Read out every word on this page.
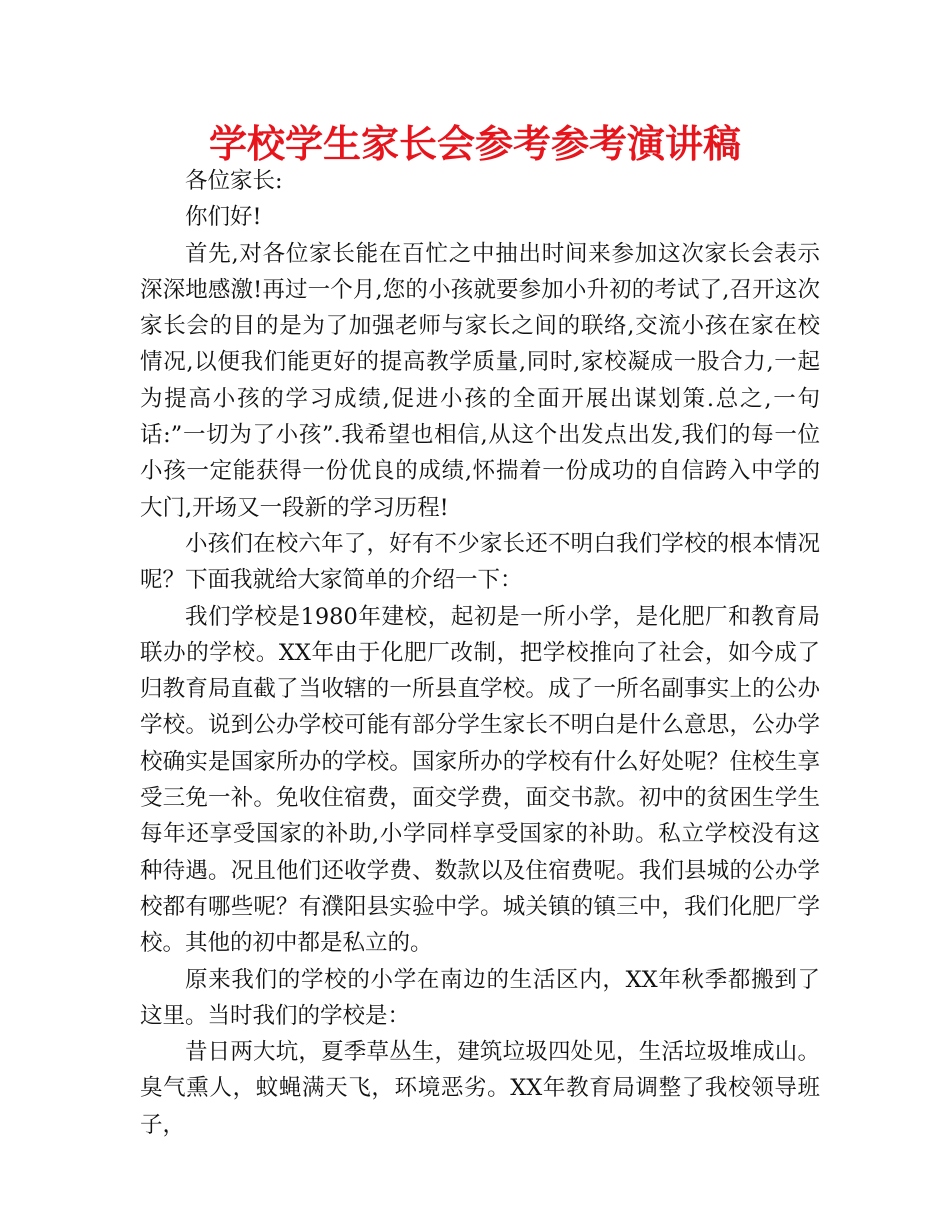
学校学生家长会参考参考演讲稿

各位家长:

你们好!

首先,对各位家长能在百忙之中抽出时间来参加这次家长会表示深深地感激!再过一个月,您的小孩就要参加小升初的考试了,召开这次家长会的目的是为了加强老师与家长之间的联络,交流小孩在家在校情况,以便我们能更好的提高教学质量,同时,家校凝成一股合力,一起为提高小孩的学习成绩,促进小孩的全面开展出谋划策.总之,一句话:”一切为了小孩”.我希望也相信,从这个出发点出发,我们的每一位小孩一定能获得一份优良的成绩,怀揣着一份成功的自信跨入中学的大门,开场又一段新的学习历程!

小孩们在校六年了，好有不少家长还不明白我们学校的根本情况呢？下面我就给大家简单的介绍一下：

我们学校是1980年建校，起初是一所小学，是化肥厂和教育局联办的学校。XX年由于化肥厂改制，把学校推向了社会，如今成了归教育局直截了当收辖的一所县直学校。成了一所名副事实上的公办学校。说到公办学校可能有部分学生家长不明白是什么意思，公办学校确实是国家所办的学校。国家所办的学校有什么好处呢？住校生享受三免一补。免收住宿费，面交学费，面交书款。初中的贫困生学生每年还享受国家的补助,小学同样享受国家的补助。私立学校没有这种待遇。况且他们还收学费、数款以及住宿费呢。我们县城的公办学校都有哪些呢？有濮阳县实验中学。城关镇的镇三中，我们化肥厂学校。其他的初中都是私立的。

原来我们的学校的小学在南边的生活区内，XX年秋季都搬到了这里。当时我们的学校是：

昔日两大坑，夏季草丛生，建筑垃圾四处见，生活垃圾堆成山。臭气熏人，蚊蝇满天飞，环境恶劣。XX年教育局调整了我校领导班子，
